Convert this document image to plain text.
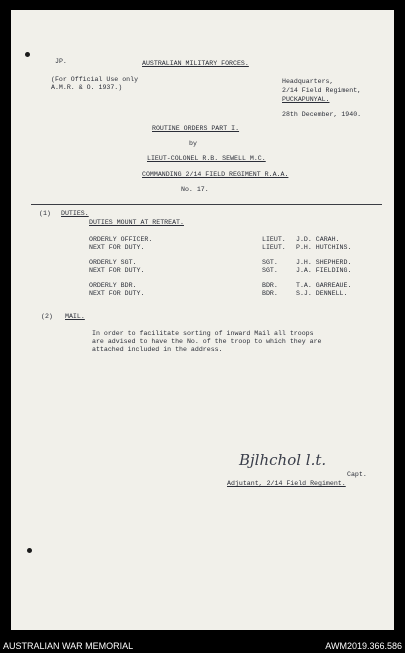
JP.	AUSTRALIAN MILITARY FORCES.
(For Official Use only
A.M.R. & O. 1937.)
Headquarters,
2/14 Field Regiment,
PUCKAPUNYAL.
28th December, 1940.
ROUTINE ORDERS PART I.
by
LIEUT-COLONEL R.B. SEWELL M.C.
COMMANDING 2/14 FIELD REGIMENT R.A.A.
No. 17.
(1) DUTIES.
DUTIES MOUNT AT RETREAT.
ORDERLY OFFICER.	LIEUT. J.D. CARAH.
NEXT FOR DUTY.	LIEUT. P.H. HUTCHINS.
ORDERLY SGT.	SGT.	J.H. SHEPHERD.
NEXT FOR DUTY.	SGT.	J.A. FIELDING.
ORDERLY BDR.	BDR.	T.A. GARREAUE.
NEXT FOR DUTY.	BDR.	S.J. DENNELL.
(2) MAIL.
In order to facilitate sorting of inward Mail all troops
are advised to have the No. of the troop to which they are
attached included in the address.
Bjlhchol l.t.
Capt.
Adjutant, 2/14 Field Regiment.
AUSTRALIAN WAR MEMORIAL	AWM2019.366.586
